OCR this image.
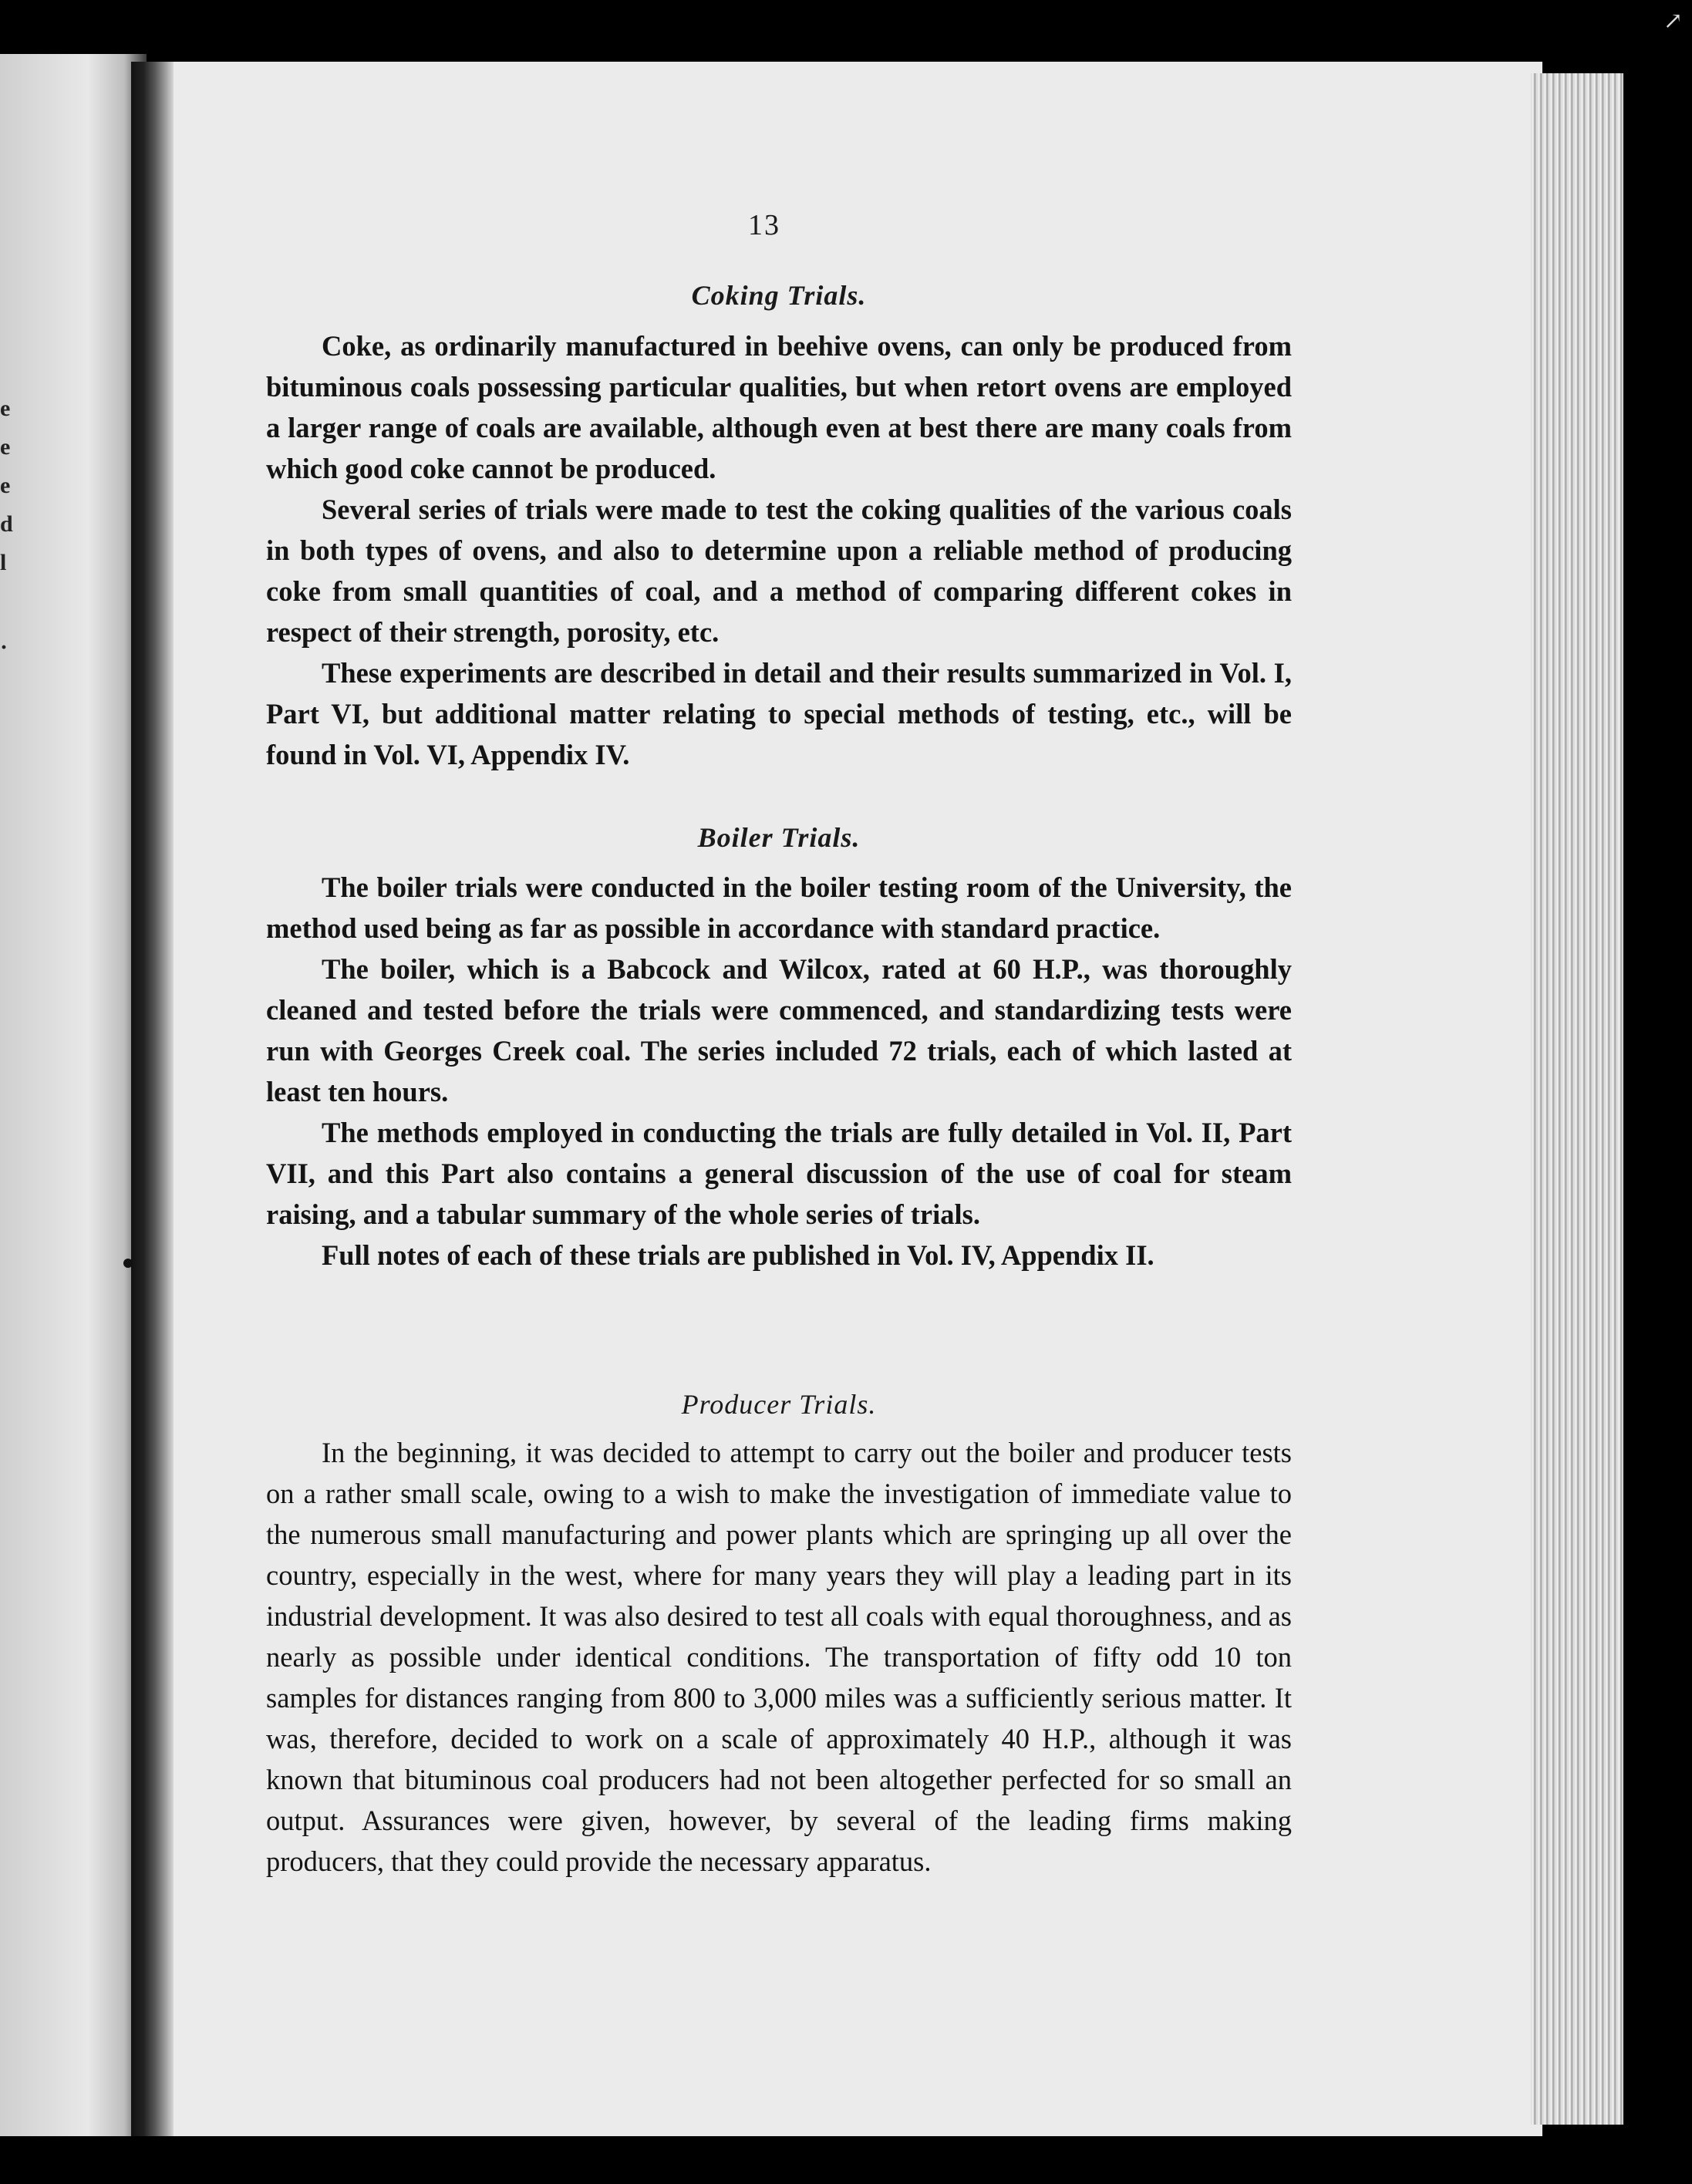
↗
e
e
e
d
l
·
13
Coking Trials.

Coke, as ordinarily manufactured in beehive ovens, can only be produced from bituminous coals possessing particular qualities, but when retort ovens are employed a larger range of coals are available, although even at best there are many coals from which good coke cannot be produced.

Several series of trials were made to test the coking qualities of the various coals in both types of ovens, and also to determine upon a reliable method of producing coke from small quantities of coal, and a method of comparing different cokes in respect of their strength, porosity, etc.

These experiments are described in detail and their results summarized in Vol. I, Part VI, but additional matter relating to special methods of testing, etc., will be found in Vol. VI, Appendix IV.

Boiler Trials.

The boiler trials were conducted in the boiler testing room of the University, the method used being as far as possible in accordance with standard practice.

The boiler, which is a Babcock and Wilcox, rated at 60 H.P., was thoroughly cleaned and tested before the trials were commenced, and standardizing tests were run with Georges Creek coal. The series included 72 trials, each of which lasted at least ten hours.

The methods employed in conducting the trials are fully detailed in Vol. II, Part VII, and this Part also contains a general discussion of the use of coal for steam raising, and a tabular summary of the whole series of trials.

Full notes of each of these trials are published in Vol. IV, Appendix II.

Producer Trials.

In the beginning, it was decided to attempt to carry out the boiler and producer tests on a rather small scale, owing to a wish to make the investigation of immediate value to the numerous small manufacturing and power plants which are springing up all over the country, especially in the west, where for many years they will play a leading part in its industrial development. It was also desired to test all coals with equal thoroughness, and as nearly as possible under identical conditions. The transportation of fifty odd 10 ton samples for distances ranging from 800 to 3,000 miles was a sufficiently serious matter. It was, therefore, decided to work on a scale of approximately 40 H.P., although it was known that bituminous coal producers had not been altogether perfected for so small an output. Assurances were given, however, by several of the leading firms making producers, that they could provide the necessary apparatus.
